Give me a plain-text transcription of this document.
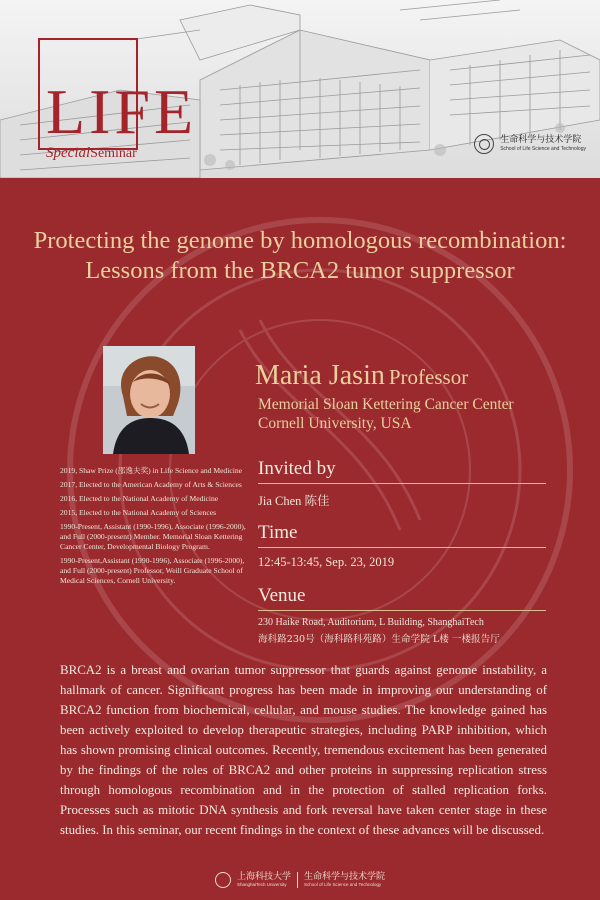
LIFE
SpecialSeminar
生命科学与技术学院
School of Life Science and Technology
Protecting the genome by homologous recombination: Lessons from the BRCA2 tumor suppressor
Maria Jasin Professor
Memorial Sloan Kettering Cancer Center
Cornell University, USA
2019, Shaw Prize (邵逸夫奖) in Life Science and Medicine
2017, Elected to the American Academy of Arts & Sciences
2016, Elected to the National Academy of Medicine
2015, Elected to the National Academy of Sciences
1990-Present, Assistant (1990-1996), Associate (1996-2000), and Full (2000-present) Member. Memorial Sloan Kettering Cancer Center, Developmental Biology Program.
1990-Present,Assistant (1990-1996), Associate (1996-2000), and Full (2000-present) Professor, Weill Graduate School of Medical Sciences, Cornell University.
Invited by
Jia Chen 陈佳
Time
12:45-13:45, Sep. 23, 2019
Venue
230 Haike Road, Auditorium, L Building, ShanghaiTech
海科路230号（海科路科苑路）生命学院 L楼 一楼报告厅
BRCA2 is a breast and ovarian tumor suppressor that guards against genome instability, a hallmark of cancer. Significant progress has been made in improving our understanding of BRCA2 function from biochemical, cellular, and mouse studies. The knowledge gained has been actively exploited to develop therapeutic strategies, including PARP inhibition, which has shown promising clinical outcomes. Recently, tremendous excitement has been generated by the findings of the roles of BRCA2 and other proteins in suppressing replication stress through homologous recombination and in the protection of stalled replication forks. Processes such as mitotic DNA synthesis and fork reversal have taken center stage in these studies. In this seminar, our recent findings in the context of these advances will be discussed.
上海科技大学
ShanghaiTech University
生命科学与技术学院
School of Life Science and Technology
